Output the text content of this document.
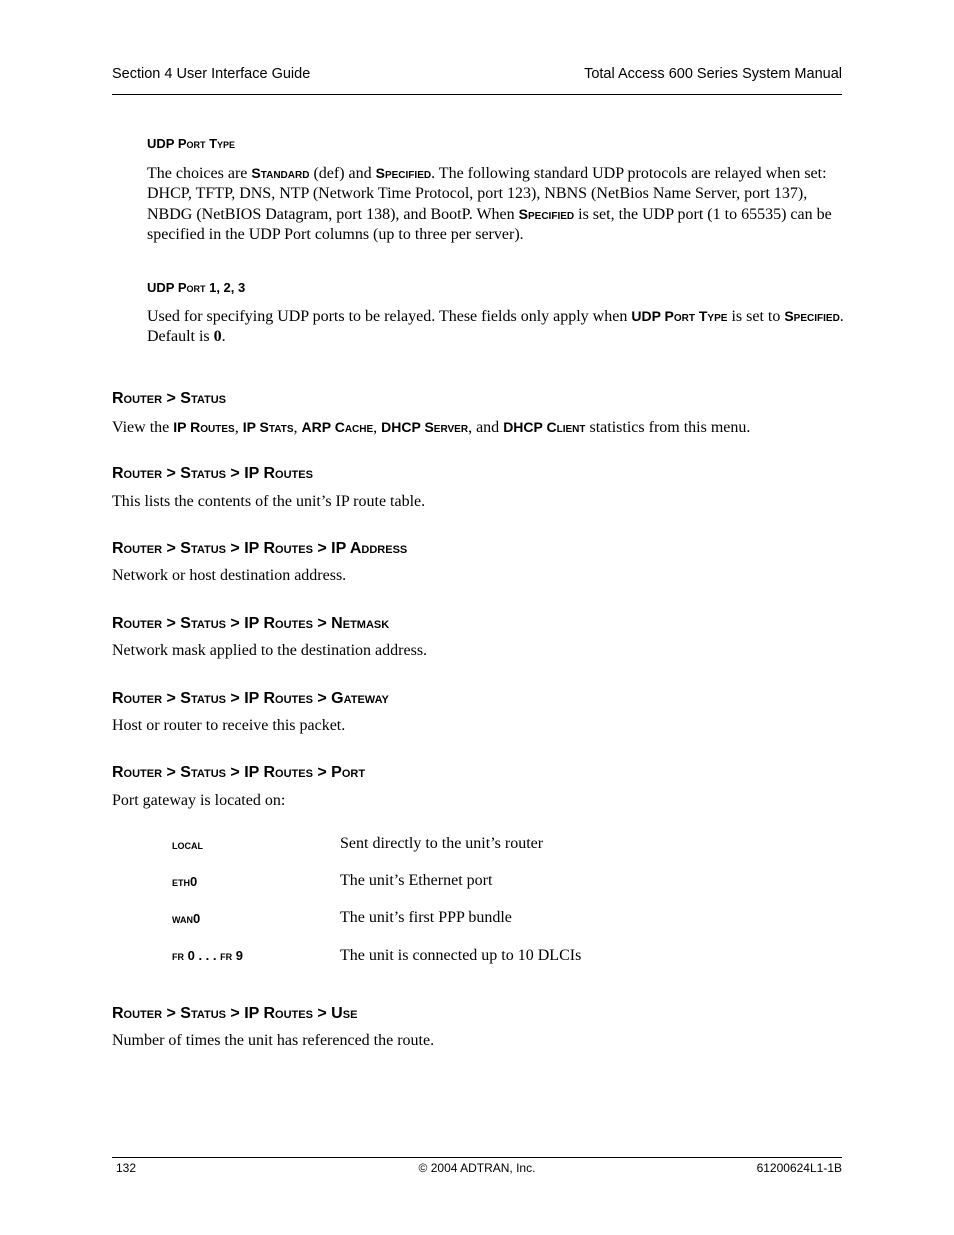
Section 4 User Interface Guide	Total Access 600 Series System Manual
UDP Port Type
The choices are Standard (def) and Specified. The following standard UDP protocols are relayed when set: DHCP, TFTP, DNS, NTP (Network Time Protocol, port 123), NBNS (NetBios Name Server, port 137), NBDG (NetBIOS Datagram, port 138), and BootP. When Specified is set, the UDP port (1 to 65535) can be specified in the UDP Port columns (up to three per server).
UDP Port 1, 2, 3
Used for specifying UDP ports to be relayed. These fields only apply when UDP Port Type is set to Specified. Default is 0.
Router > Status
View the IP Routes, IP Stats, ARP Cache, DHCP Server, and DHCP Client statistics from this menu.
Router > Status > IP Routes
This lists the contents of the unit’s IP route table.
Router > Status > IP Routes > IP Address
Network or host destination address.
Router > Status > IP Routes > Netmask
Network mask applied to the destination address.
Router > Status > IP Routes > Gateway
Host or router to receive this packet.
Router > Status > IP Routes > Port
Port gateway is located on:
local	Sent directly to the unit’s router
eth0	The unit’s Ethernet port
wan0	The unit’s first PPP bundle
fr 0 . . . fr 9	The unit is connected up to 10 DLCIs
Router > Status > IP Routes > Use
Number of times the unit has referenced the route.
132	© 2004 ADTRAN, Inc.	61200624L1-1B
